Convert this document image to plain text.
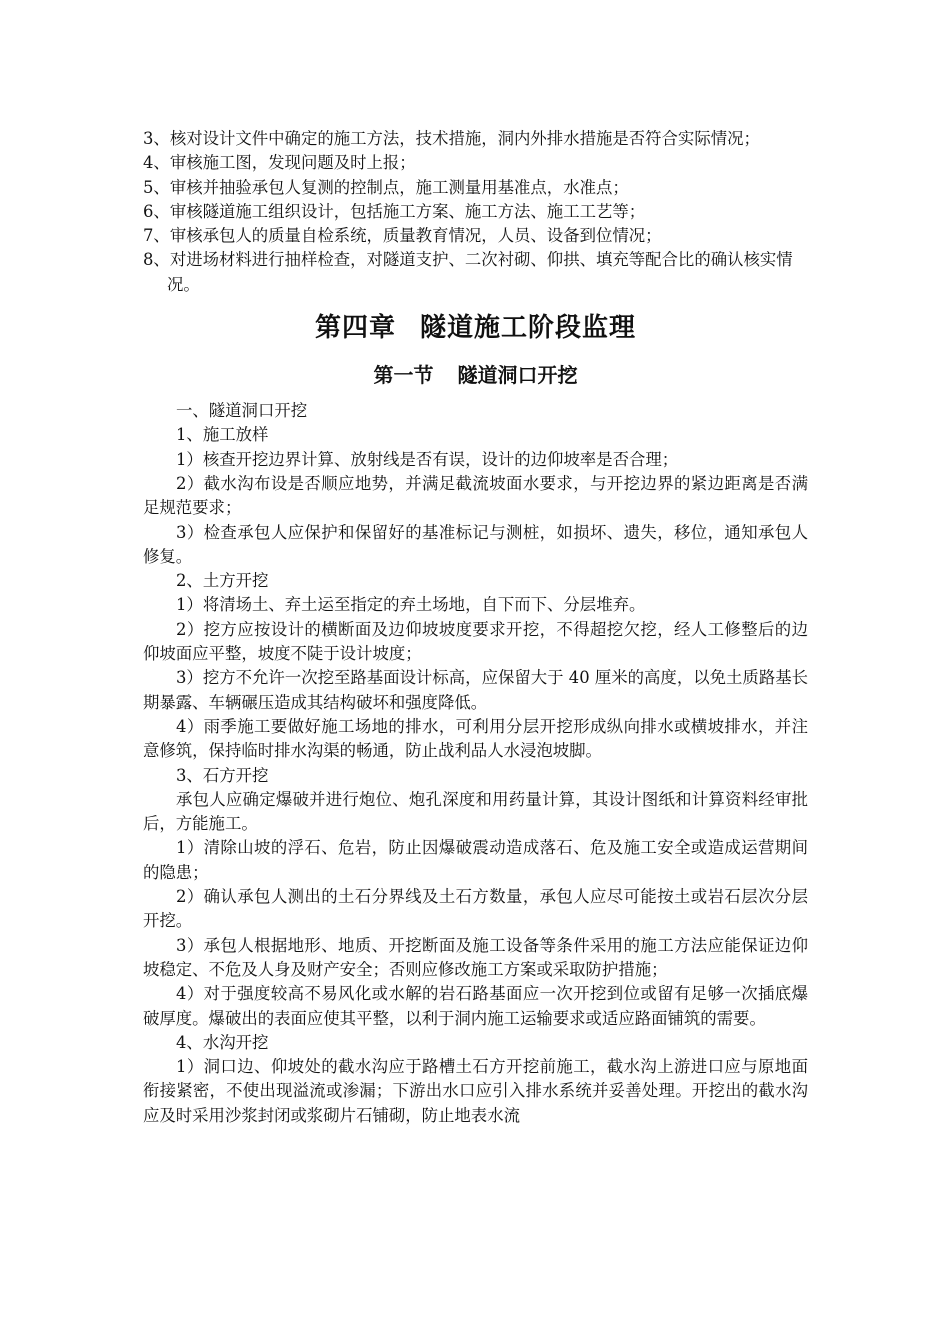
3、核对设计文件中确定的施工方法，技术措施，洞内外排水措施是否符合实际情况；

4、审核施工图，发现问题及时上报；

5、审核并抽验承包人复测的控制点，施工测量用基准点，水准点；

6、审核隧道施工组织设计，包括施工方案、施工方法、施工工艺等；

7、审核承包人的质量自检系统，质量教育情况，人员、设备到位情况；

8、对进场材料进行抽样检查，对隧道支护、二次衬砌、仰拱、填充等配合比的确认核实情况。

第四章 隧道施工阶段监理
第一节 隧道洞口开挖

一、隧道洞口开挖

1、施工放样

1）核查开挖边界计算、放射线是否有误，设计的边仰坡率是否合理；

2）截水沟布设是否顺应地势，并满足截流坡面水要求，与开挖边界的紧边距离是否满足规范要求；

3）检查承包人应保护和保留好的基准标记与测桩，如损坏、遗失，移位，通知承包人修复。

2、土方开挖

1）将清场土、弃土运至指定的弃土场地，自下而下、分层堆弃。

2）挖方应按设计的横断面及边仰坡坡度要求开挖，不得超挖欠挖，经人工修整后的边仰坡面应平整，坡度不陡于设计坡度；

3）挖方不允许一次挖至路基面设计标高，应保留大于 40 厘米的高度，以免土质路基长期暴露、车辆碾压造成其结构破坏和强度降低。

4）雨季施工要做好施工场地的排水，可利用分层开挖形成纵向排水或横坡排水，并注意修筑，保持临时排水沟渠的畅通，防止战利品人水浸泡坡脚。

3、石方开挖

承包人应确定爆破并进行炮位、炮孔深度和用药量计算，其设计图纸和计算资料经审批后，方能施工。

1）清除山坡的浮石、危岩，防止因爆破震动造成落石、危及施工安全或造成运营期间的隐患；

2）确认承包人测出的土石分界线及土石方数量，承包人应尽可能按土或岩石层次分层开挖。

3）承包人根据地形、地质、开挖断面及施工设备等条件采用的施工方法应能保证边仰坡稳定、不危及人身及财产安全；否则应修改施工方案或采取防护措施；

4）对于强度较高不易风化或水解的岩石路基面应一次开挖到位或留有足够一次插底爆破厚度。爆破出的表面应使其平整，以利于洞内施工运输要求或适应路面铺筑的需要。

4、水沟开挖

1）洞口边、仰坡处的截水沟应于路槽土石方开挖前施工，截水沟上游进口应与原地面衔接紧密，不使出现溢流或渗漏；下游出水口应引入排水系统并妥善处理。开挖出的截水沟应及时采用沙浆封闭或浆砌片石铺砌，防止地表水流
